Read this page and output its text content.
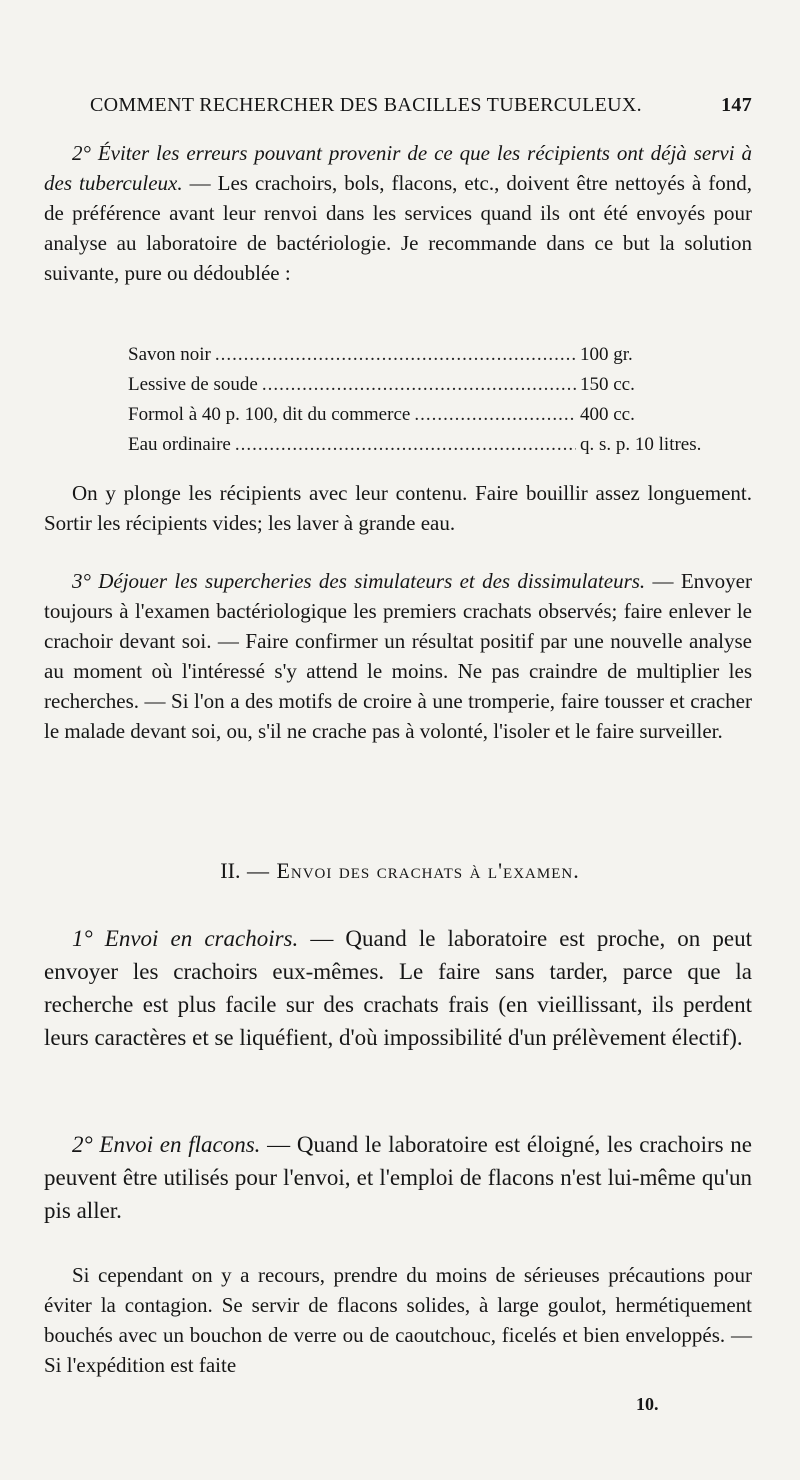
COMMENT RECHERCHER DES BACILLES TUBERCULEUX.	147
2° Éviter les erreurs pouvant provenir de ce que les récipients ont déjà servi à des tuberculeux. — Les crachoirs, bols, flacons, etc., doivent être nettoyés à fond, de préférence avant leur renvoi dans les services quand ils ont été envoyés pour analyse au laboratoire de bactériologie. Je recommande dans ce but la solution suivante, pure ou dédoublée :
Savon noir .....	100 gr.
Lessive de soude .....	150 cc.
Formol à 40 p. 100, dit du commerce .....	400 cc.
Eau ordinaire .....	q. s. p. 10 litres.
On y plonge les récipients avec leur contenu. Faire bouillir assez longuement. Sortir les récipients vides; les laver à grande eau.
3° Déjouer les supercheries des simulateurs et des dissimulateurs. — Envoyer toujours à l'examen bactériologique les premiers crachats observés; faire enlever le crachoir devant soi. — Faire confirmer un résultat positif par une nouvelle analyse au moment où l'intéressé s'y attend le moins. Ne pas craindre de multiplier les recherches. — Si l'on a des motifs de croire à une tromperie, faire tousser et cracher le malade devant soi, ou, s'il ne crache pas à volonté, l'isoler et le faire surveiller.
II. — Envoi des crachats à l'examen.
1° Envoi en crachoirs. — Quand le laboratoire est proche, on peut envoyer les crachoirs eux-mêmes. Le faire sans tarder, parce que la recherche est plus facile sur des crachats frais (en vieillissant, ils perdent leurs caractères et se liquéfient, d'où impossibilité d'un prélèvement électif).
2° Envoi en flacons. — Quand le laboratoire est éloigné, les crachoirs ne peuvent être utilisés pour l'envoi, et l'emploi de flacons n'est lui-même qu'un pis aller.
Si cependant on y a recours, prendre du moins de sérieuses précautions pour éviter la contagion. Se servir de flacons solides, à large goulot, hermétiquement bouchés avec un bouchon de verre ou de caoutchouc, ficelés et bien enveloppés. — Si l'expédition est faite
10.
